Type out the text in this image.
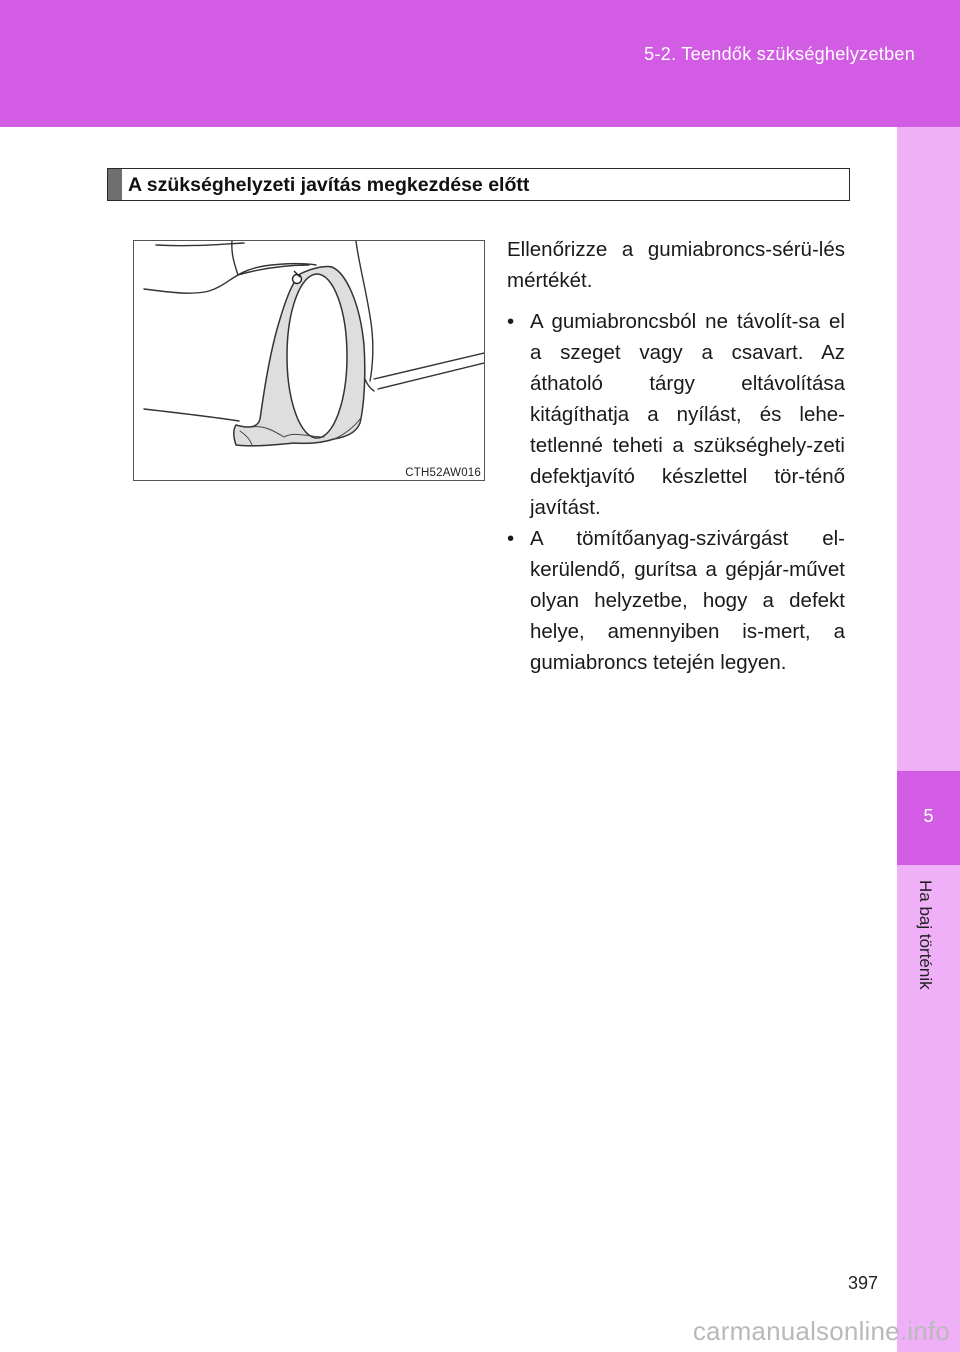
5-2. Teendők szükséghelyzetben
5
Ha baj történik
A szükséghelyzeti javítás megkezdése előtt
CTH52AW016

Ellenőrizze a gumiabroncs-sérü-lés mértékét.

• A gumiabroncsból ne távolít-sa el a szeget vagy a csavart. Az áthatoló tárgy eltávolítása kitágíthatja a nyílást, és lehe-tetlenné teheti a szükséghely-zeti defektjavító készlettel tör-ténő javítást.

• A tömítőanyag-szivárgást el-kerülendő, gurítsa a gépjár-művet olyan helyzetbe, hogy a defekt helye, amennyiben is-mert, a gumiabroncs tetején legyen.

397
carmanualsonline.info
